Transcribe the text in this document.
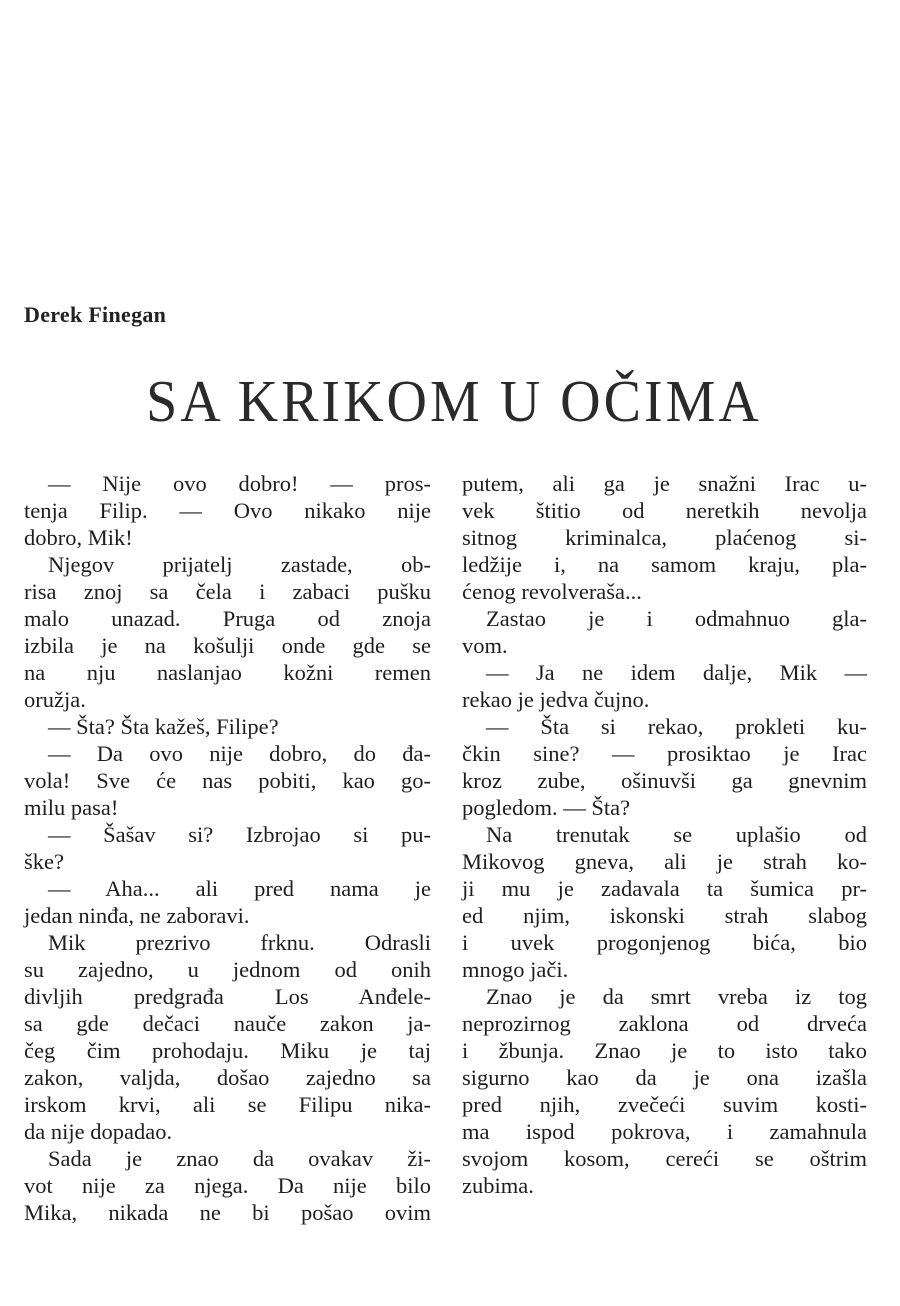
Derek Finegan
SA KRIKOM U OČIMA
— Nije ovo dobro! — pros-
tenja Filip. — Ovo nikako nije
dobro, Mik!
Njegov prijatelj zastade, ob-
risa znoj sa čela i zabaci pušku
malo unazad. Pruga od znoja
izbila je na košulji onde gde se
na nju naslanjao kožni remen
oružja.
— Šta? Šta kažeš, Filipe?
— Da ovo nije dobro, do đa-
vola! Sve će nas pobiti, kao go-
milu pasa!
— Šašav si? Izbrojao si pu-
ške?
— Aha... ali pred nama je
jedan ninđa, ne zaboravi.
Mik prezrivo frknu. Odrasli
su zajedno, u jednom od onih
divljih predgrađa Los Anđele-
sa gde dečaci nauče zakon ja-
čeg čim prohodaju. Miku je taj
zakon, valjda, došao zajedno sa
irskom krvi, ali se Filipu nika-
da nije dopadao.
Sada je znao da ovakav ži-
vot nije za njega. Da nije bilo
Mika, nikada ne bi pošao ovim
putem, ali ga je snažni Irac u-
vek štitio od neretkih nevolja
sitnog kriminalca, plaćenog si-
ledžije i, na samom kraju, pla-
ćenog revolveraša...
Zastao je i odmahnuo gla-
vom.
— Ja ne idem dalje, Mik —
rekao je jedva čujno.
— Šta si rekao, prokleti ku-
čkin sine? — prosiktao je Irac
kroz zube, ošinuvši ga gnevnim
pogledom. — Šta?
Na trenutak se uplašio od
Mikovog gneva, ali je strah ko-
ji mu je zadavala ta šumica pr-
ed njim, iskonski strah slabog
i uvek progonjenog bića, bio
mnogo jači.
Znao je da smrt vreba iz tog
neprozirnog zaklona od drveća
i žbunja. Znao je to isto tako
sigurno kao da je ona izašla
pred njih, zvečeći suvim kosti-
ma ispod pokrova, i zamahnula
svojom kosom, cereći se oštrim
zubima.
